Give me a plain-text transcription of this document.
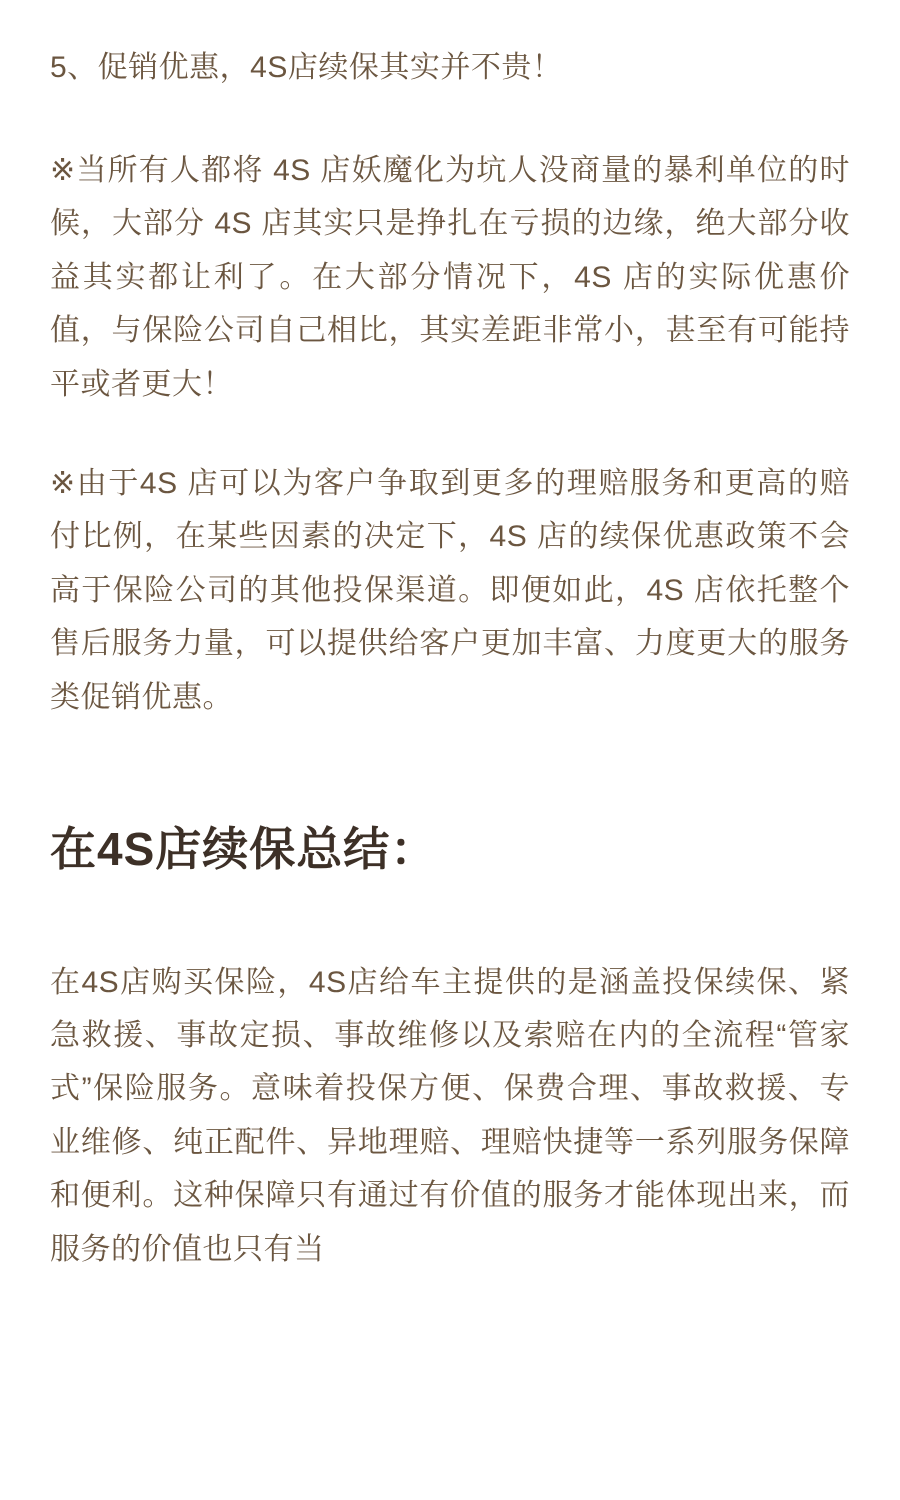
5、促销优惠，4S店续保其实并不贵！
※当所有人都将 4S 店妖魔化为坑人没商量的暴利单位的时候，大部分 4S 店其实只是挣扎在亏损的边缘，绝大部分收益其实都让利了。在大部分情况下，4S 店的实际优惠价值，与保险公司自己相比，其实差距非常小，甚至有可能持平或者更大！
※由于4S 店可以为客户争取到更多的理赔服务和更高的赔付比例，在某些因素的决定下，4S 店的续保优惠政策不会高于保险公司的其他投保渠道。即便如此，4S 店依托整个售后服务力量，可以提供给客户更加丰富、力度更大的服务类促销优惠。
在4S店续保总结：
在4S店购买保险，4S店给车主提供的是涵盖投保续保、紧急救援、事故定损、事故维修以及索赔在内的全流程“管家式”保险服务。意味着投保方便、保费合理、事故救援、专业维修、纯正配件、异地理赔、理赔快捷等一系列服务保障和便利。这种保障只有通过有价值的服务才能体现出来，而服务的价值也只有当
